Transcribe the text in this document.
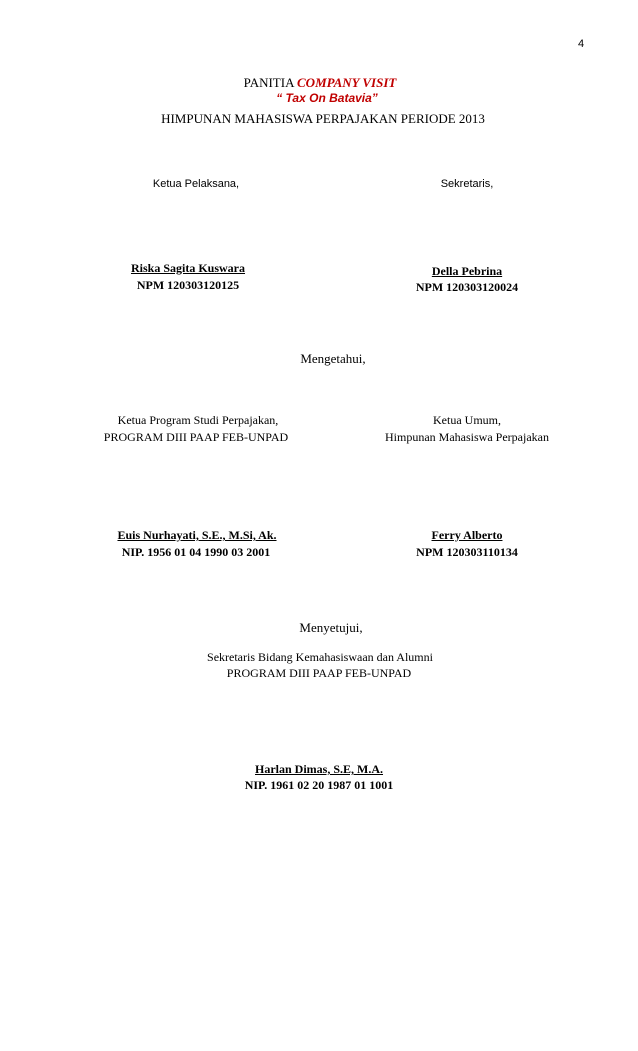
4
PANITIA COMPANY VISIT
“ Tax On Batavia”
HIMPUNAN MAHASISWA PERPAJAKAN PERIODE 2013
Ketua Pelaksana,	Sekretaris,
Riska Sagita Kuswara
NPM 120303120125
Della Pebrina
NPM 120303120024
Mengetahui,
Ketua Program Studi Perpajakan,
PROGRAM DIII PAAP FEB-UNPAD
Ketua Umum,
Himpunan Mahasiswa Perpajakan
Euis Nurhayati, S.E., M.Si, Ak.
NIP. 1956 01 04 1990 03 2001
Ferry Alberto
NPM 120303110134
Menyetujui,
Sekretaris Bidang Kemahasiswaan dan Alumni
PROGRAM DIII PAAP FEB-UNPAD
Harlan Dimas, S.E, M.A.
NIP. 1961 02 20 1987 01 1001
